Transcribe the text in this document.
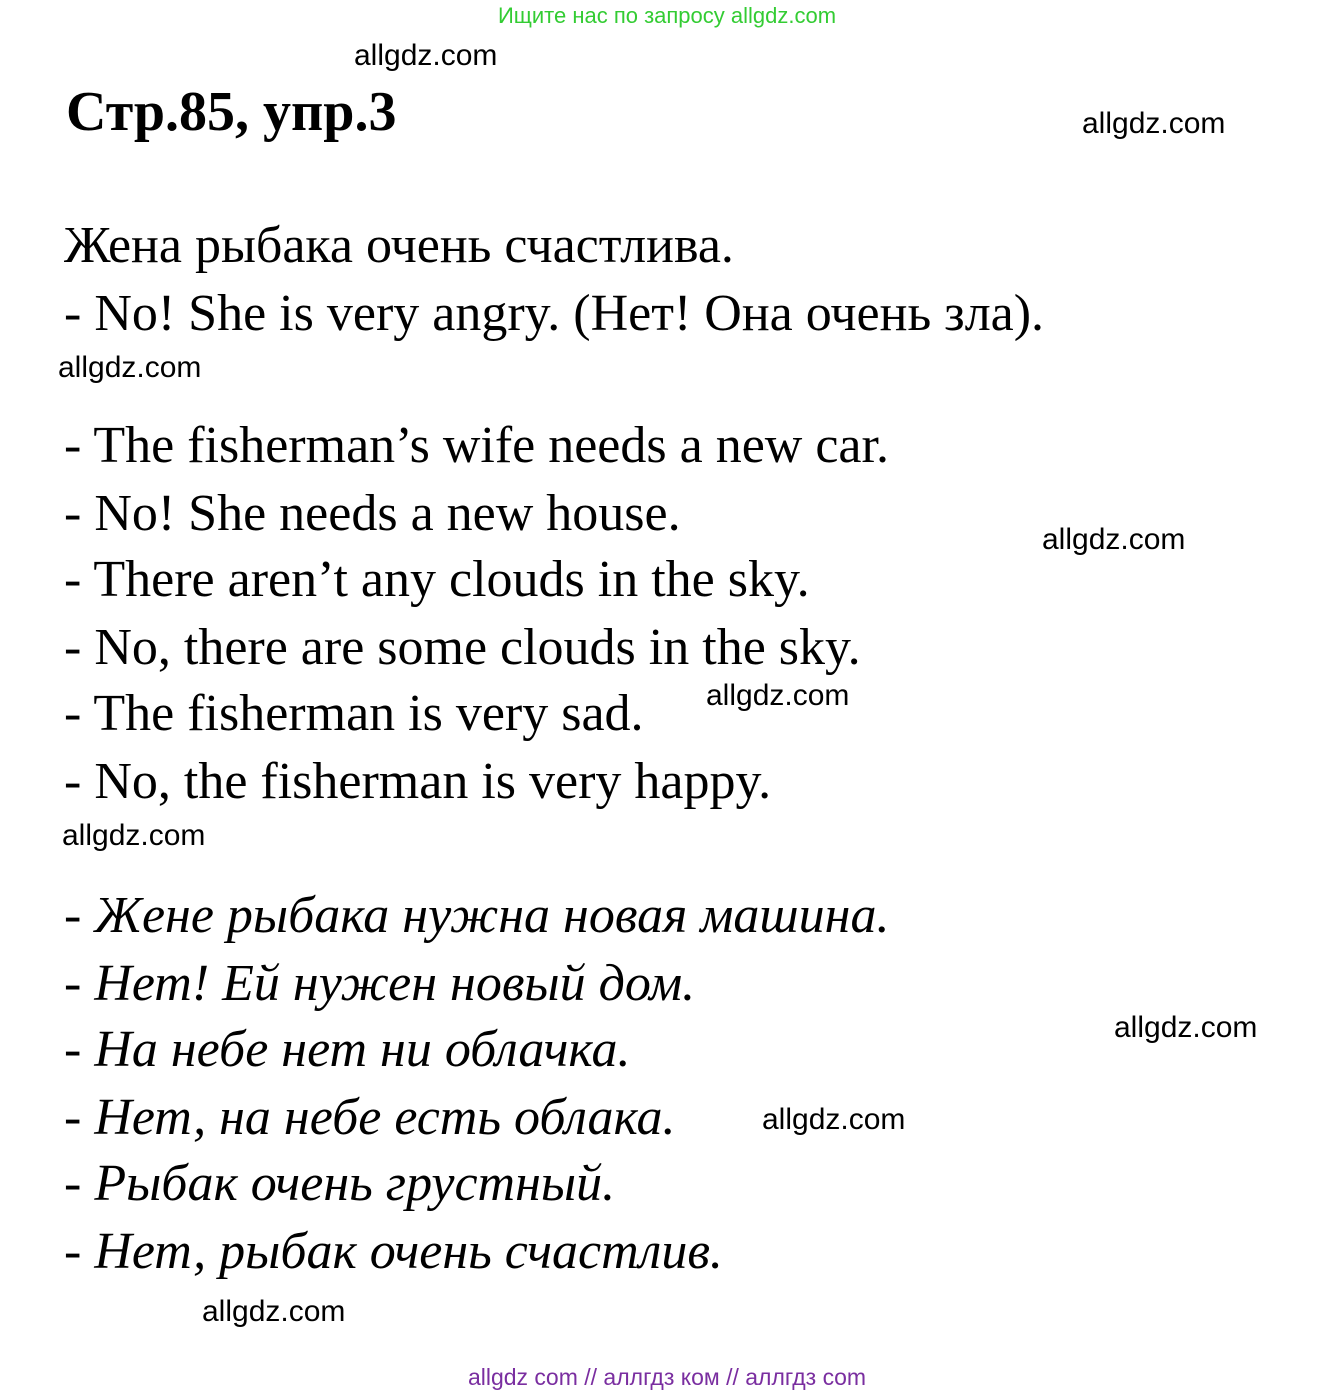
Ищите нас по запросу allgdz.com
allgdz.com
Стр.85, упр.3	allgdz.com
Жена рыбака очень счастлива.
- No! She is very angry. (Нет! Она очень зла).
allgdz.com
- The fisherman’s wife needs a new car.
- No! She needs a new house.	allgdz.com
- There aren’t any clouds in the sky.
- No, there are some clouds in the sky.
- The fisherman is very sad. allgdz.com
- No, the fisherman is very happy.
allgdz.com
- Жене рыбака нужна новая машина.
- Нет! Ей нужен новый дом.
allgdz.com
- На небе нет ни облачка.
- Нет, на небе есть облака.	allgdz.com
- Рыбак очень грустный.
- Нет, рыбак очень счастлив.
allgdz.com
allgdz com // аллгдз ком // аллгдз com
